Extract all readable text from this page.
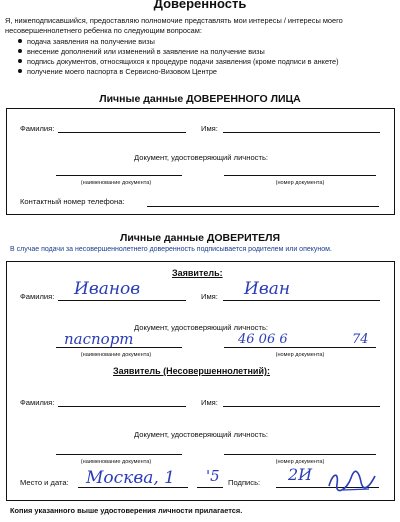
Доверенность
Я, нижеподписавшийся, предоставляю полномочие представлять мои интересы / интересы моего несовершеннолетнего ребенка по следующим вопросам:
подача заявления на получение визы
внесение дополнений или изменений в заявление на получение визы
подпись документов, относящихся к процедуре подачи заявления (кроме подписи в анкете)
получение моего паспорта в Сервисно-Визовом Центре
Личные данные ДОВЕРЕННОГО ЛИЦА
Фамилия:	Имя:
Документ, удостоверяющий личность:
(наименование документа)	(номер документа)
Контактный номер телефона:
Личные данные ДОВЕРИТЕЛЯ
В случае подачи за несовершеннолетнего доверенность подписывается родителем или опекуном.
Заявитель:
Фамилия: Иванов	Имя: Иван
Документ, удостоверяющий личность:
паспорт	46 06 6	74
(наименование документа)	(номер документа)
Заявитель (Несовершеннолетний):
Фамилия:	Имя:
Документ, удостоверяющий личность:
(наименование документа)	(номер документа)
Место и дата: Москва, 1 '5 Подпись: 2И
Копия указанного выше удостоверения личности прилагается.
